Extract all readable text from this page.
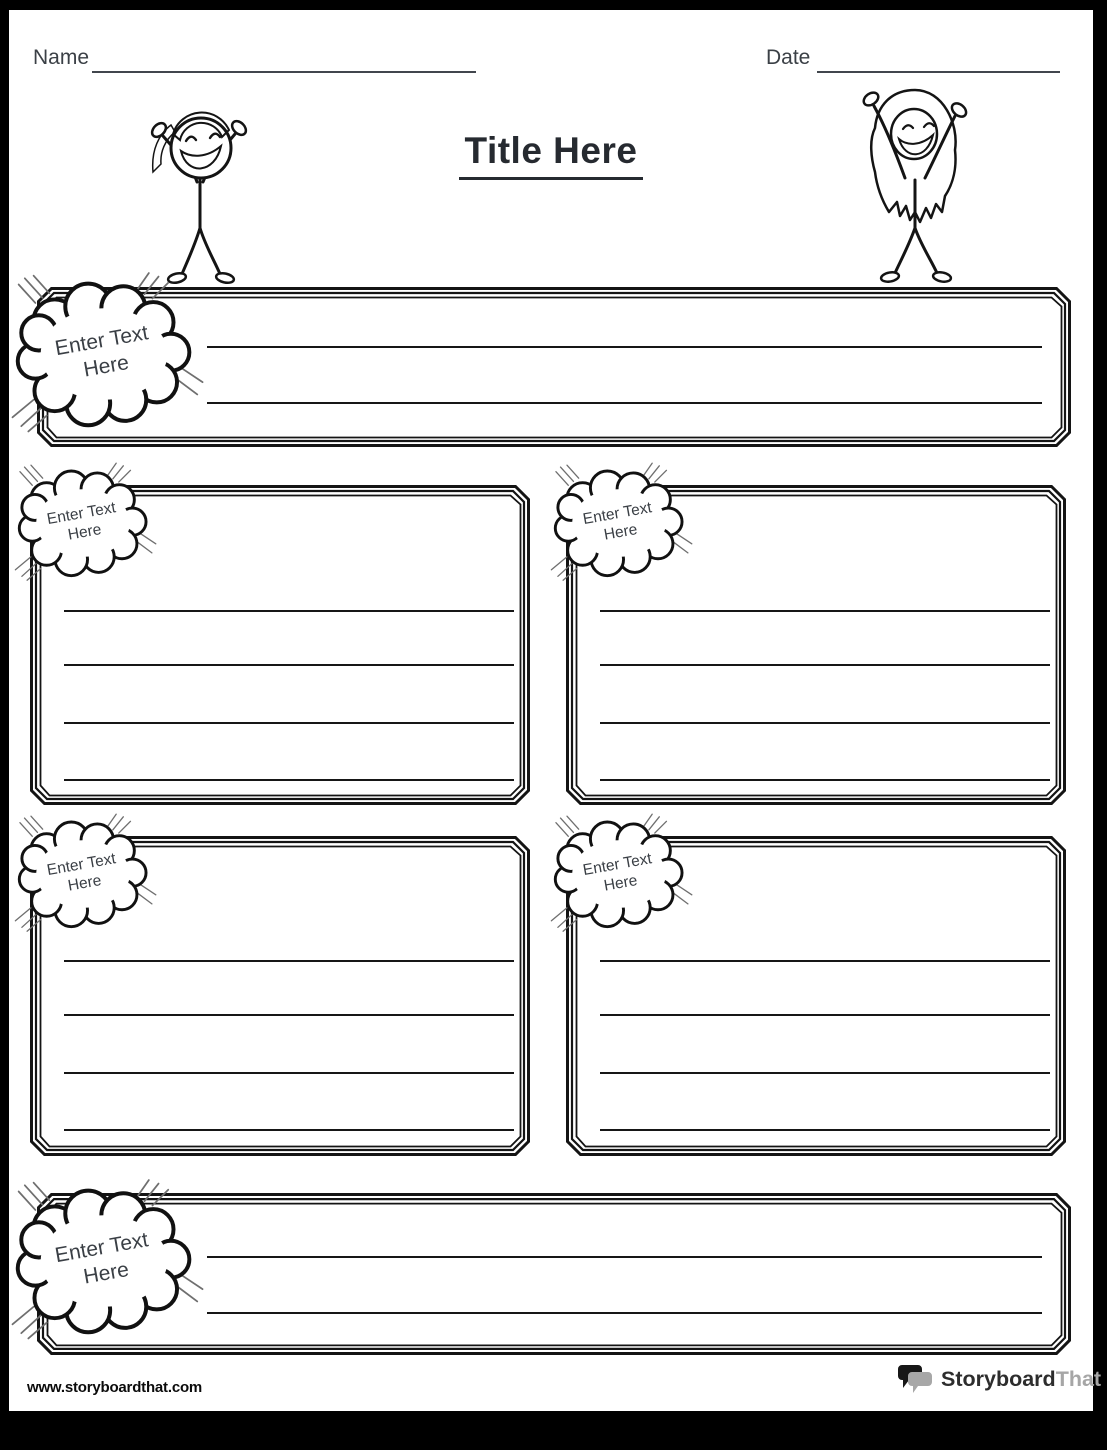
Name	Date
Title Here
Enter Text
Here
Enter Text
Here
Enter Text
Here
Enter Text
Here
Enter Text
Here
Enter Text
Here
www.storyboardthat.com	StoryboardThat
